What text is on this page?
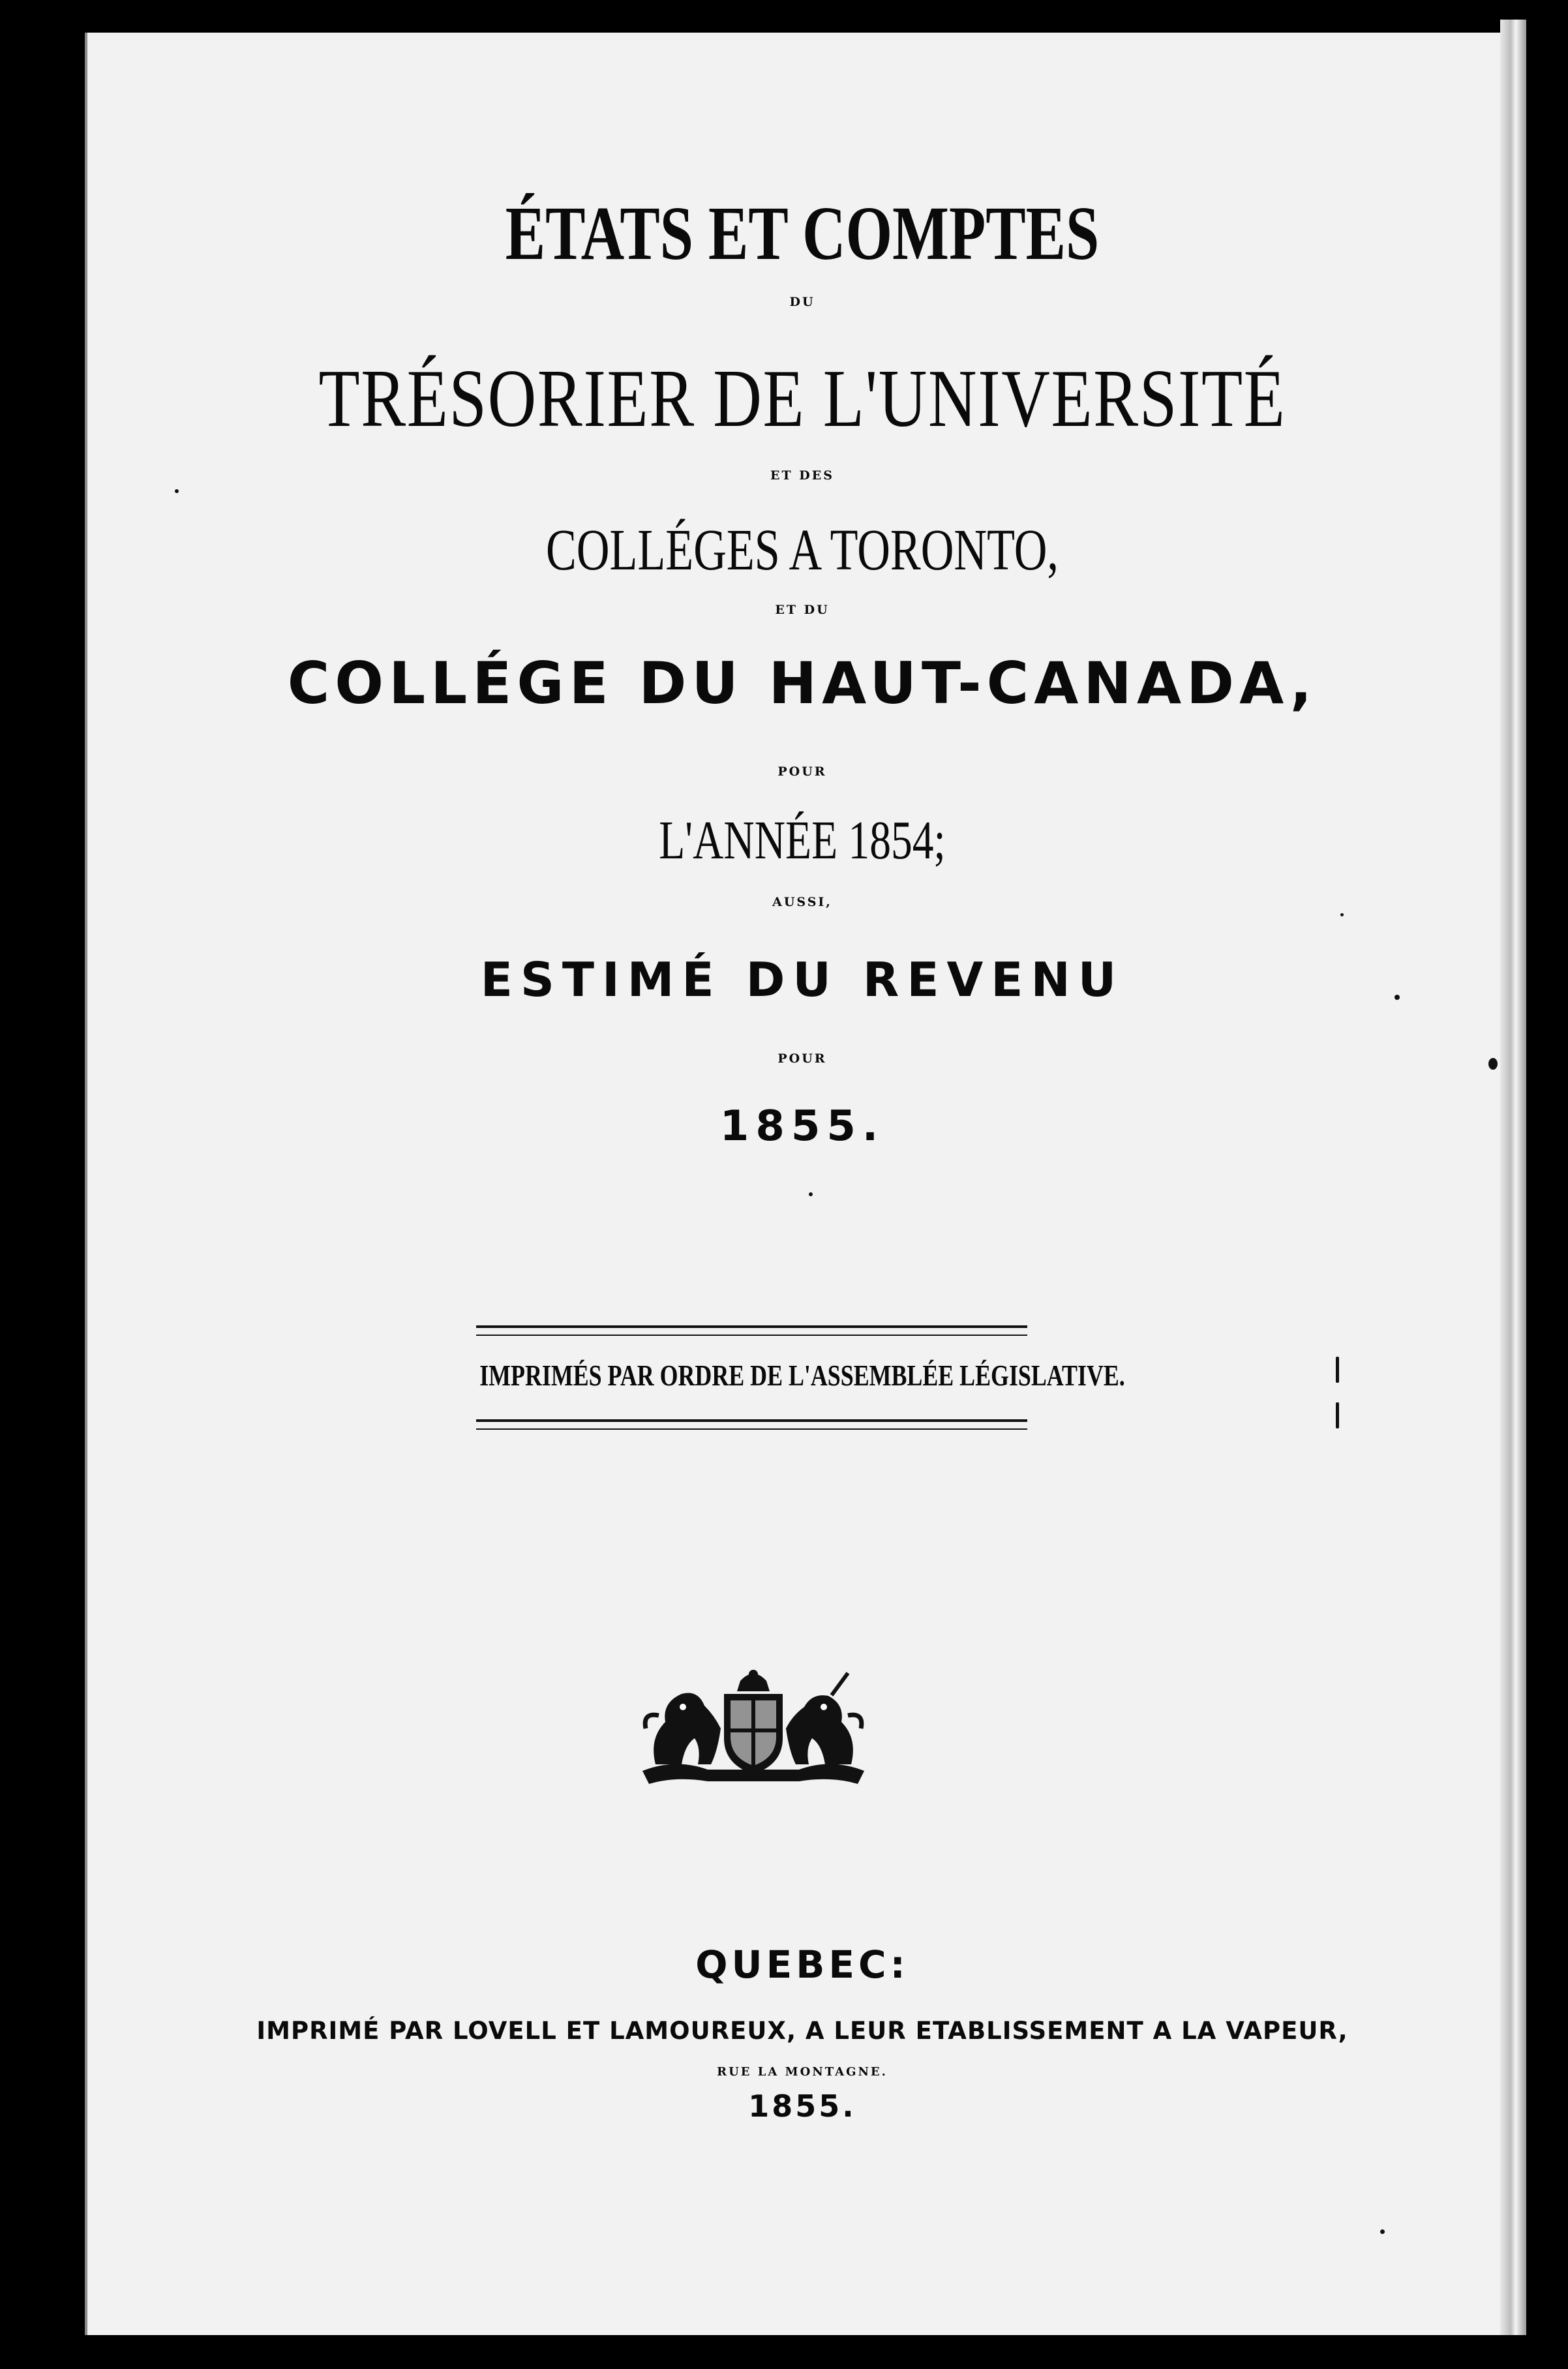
ÉTATS ET COMPTES
DU
TRÉSORIER DE L'UNIVERSITÉ
ET DES
COLLÉGES A TORONTO,
ET DU
COLLÉGE DU HAUT-CANADA,
POUR
L'ANNÉE 1854;
AUSSI,
ESTIMÉ DU REVENU
POUR
1855.
IMPRIMÉS PAR ORDRE DE L'ASSEMBLÉE LÉGISLATIVE.
QUEBEC:
IMPRIMÉ PAR LOVELL ET LAMOUREUX, A LEUR ETABLISSEMENT A LA VAPEUR,
RUE LA MONTAGNE.
1855.
